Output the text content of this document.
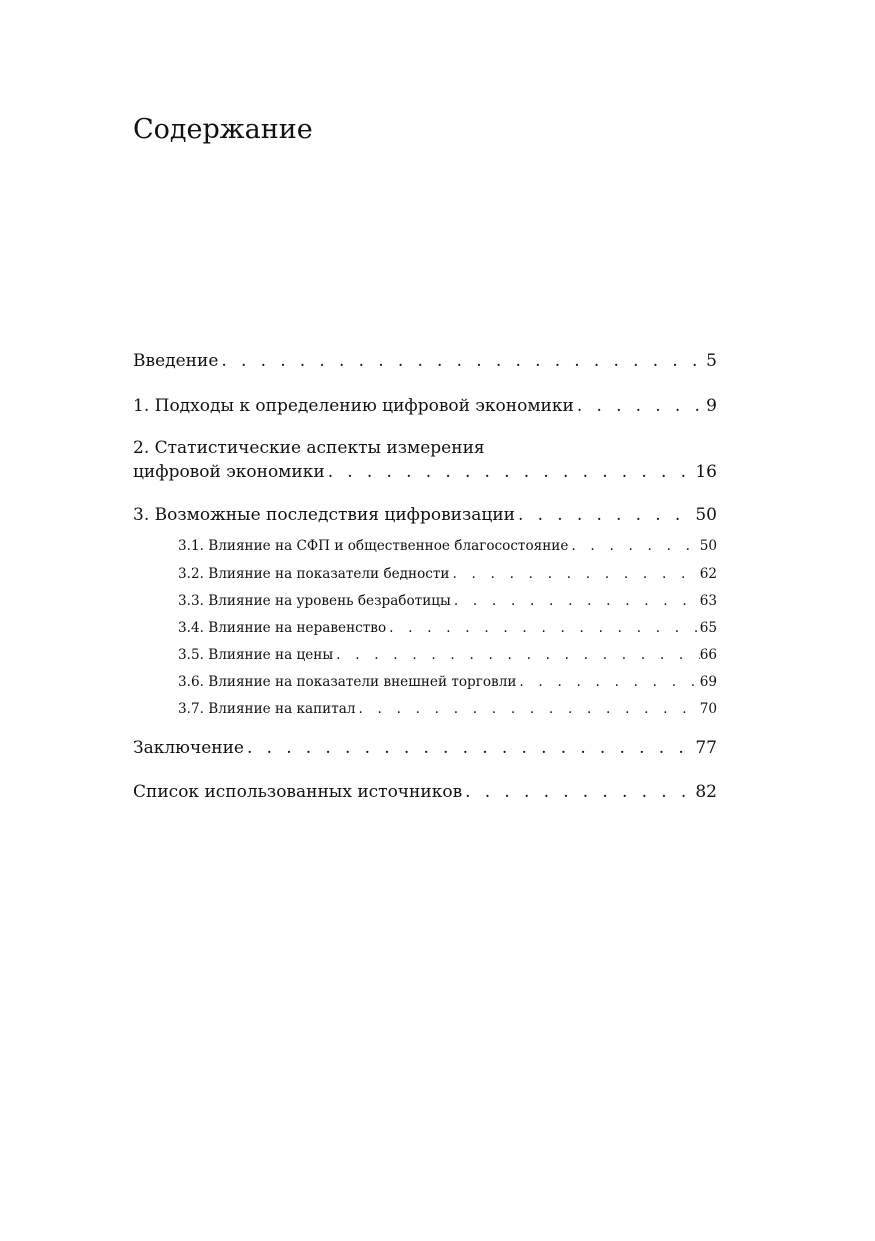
Содержание
Введение . . .	5
1. Подходы к определению цифровой экономики . . .	9
2. Статистические аспекты измерения
цифровой экономики . . .	16
3. Возможные последствия цифровизации . . .	50
3.1. Влияние на СФП и общественное благосостояние . . .	50
3.2. Влияние на показатели бедности . . .	62
3.3. Влияние на уровень безработицы . . .	63
3.4. Влияние на неравенство . . .	65
3.5. Влияние на цены . . .	66
3.6. Влияние на показатели внешней торговли . . .	69
3.7. Влияние на капитал . . .	70
Заключение . . .	77
Список использованных источников . . .	82
